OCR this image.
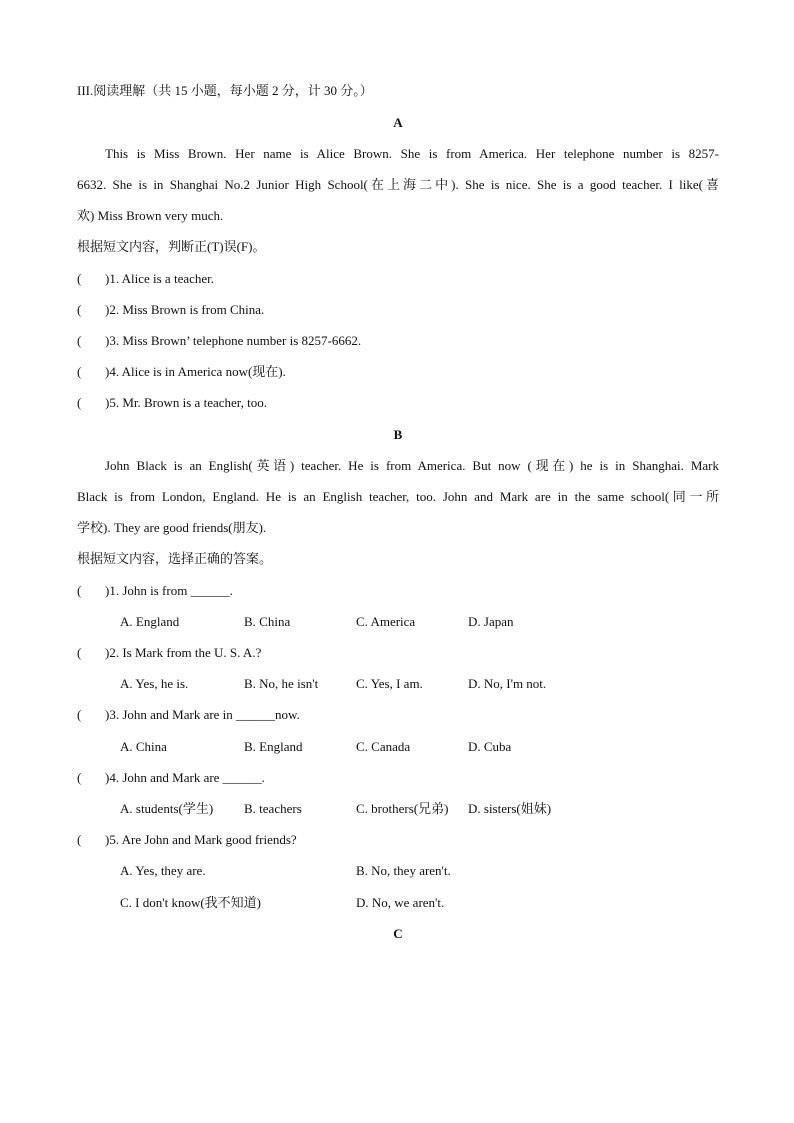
III.阅读理解（共 15 小题，每小题 2 分，计 30 分。）
A
This is Miss Brown. Her name is Alice Brown. She is from America. Her telephone number is 8257-
6632. She is in Shanghai No.2 Junior High School(在上海二中). She is nice. She is a good teacher. I like(喜
欢) Miss Brown very much.
根据短文内容，判断正(T)误(F)。
( )1. Alice is a teacher.
( )2. Miss Brown is from China.
( )3. Miss Brown’ telephone number is 8257-6662.
( )4. Alice is in America now(现在).
( )5. Mr. Brown is a teacher, too.
B
John Black is an English(英语) teacher. He is from America. But now (现在) he is in Shanghai. Mark
Black is from London, England. He is an English teacher, too. John and Mark are in the same school(同一所
学校). They are good friends(朋友).
根据短文内容，选择正确的答案。
( )1. John is from ______.
A. England	B. China	C. America	D. Japan
( )2. Is Mark from the U. S. A.?
A. Yes, he is.	B. No, he isn't	C. Yes, I am.	D. No, I'm not.
( )3. John and Mark are in ______now.
A. China	B. England	C. Canada	D. Cuba
( )4. John and Mark are ______.
A. students(学生) B. teachers	C. brothers(兄弟) D. sisters(姐妹)
( )5. Are John and Mark good friends?
A. Yes, they are.	B. No, they aren't.
C. I don't know(我不知道)	D. No, we aren't.
C
